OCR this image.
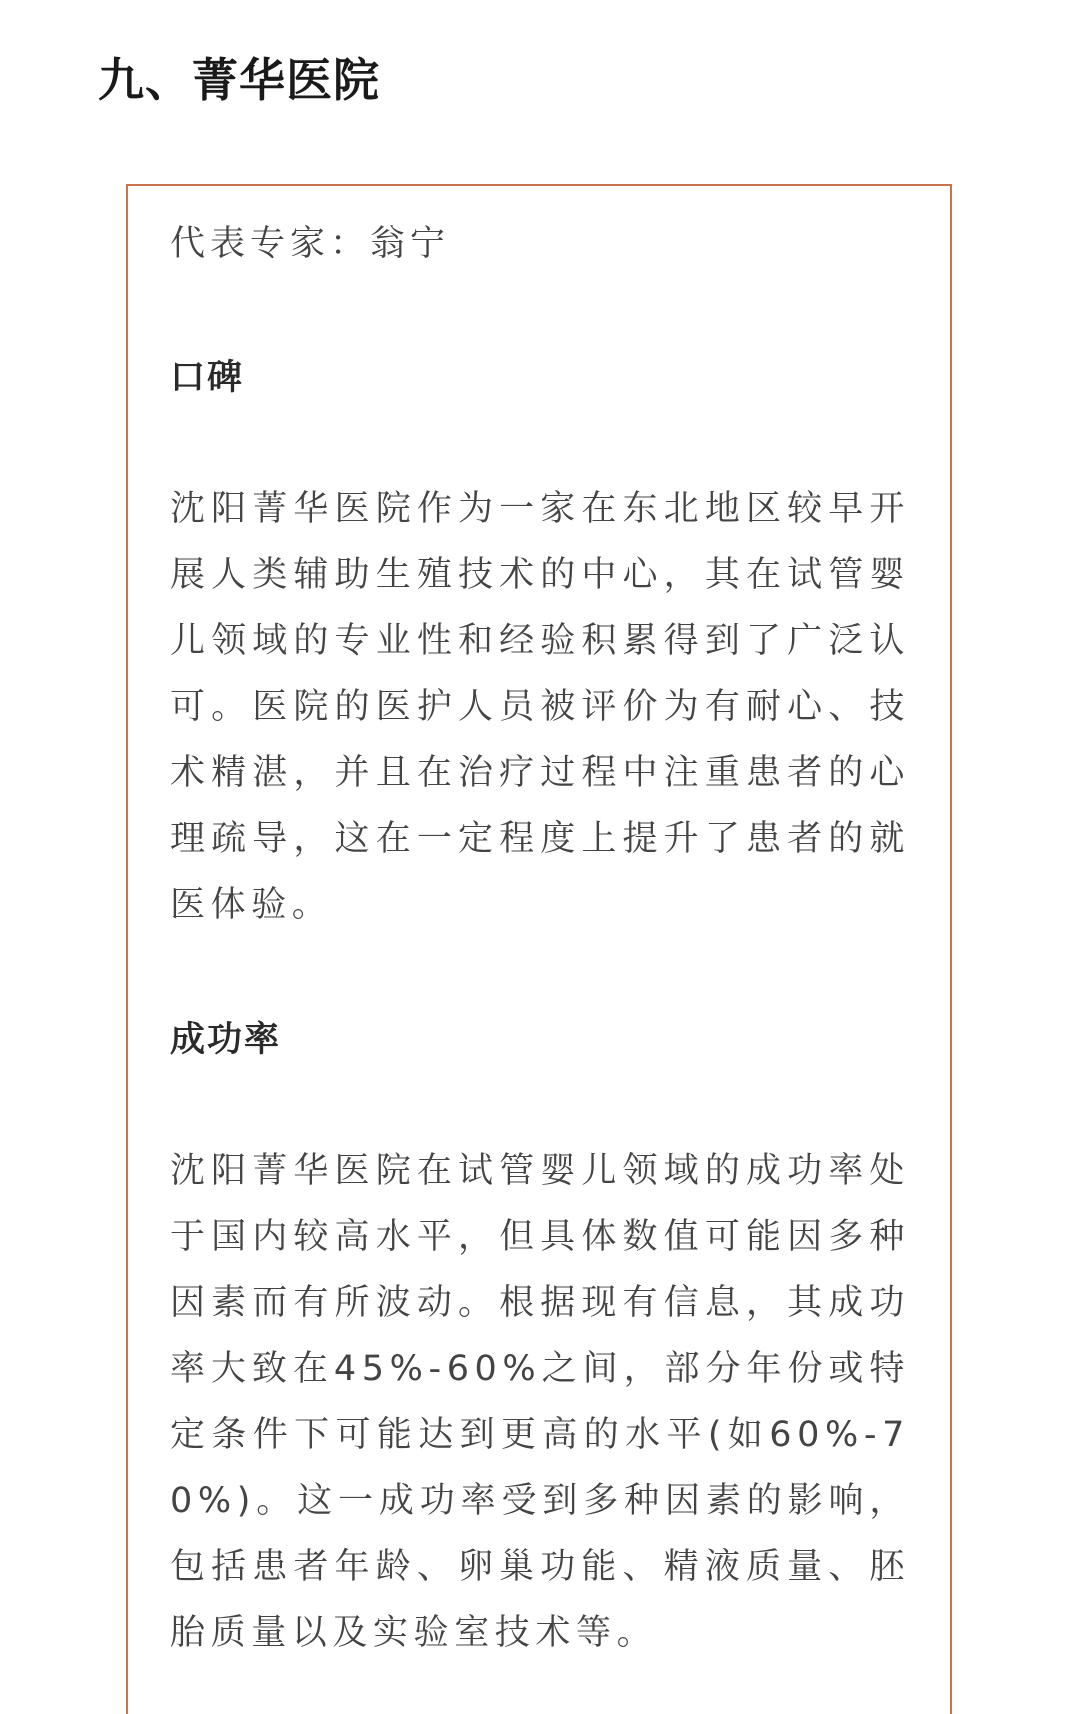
九、菁华医院

代表专家：翁宁

口碑

沈阳菁华医院作为一家在东北地区较早开展人类辅助生殖技术的中心，其在试管婴儿领域的专业性和经验积累得到了广泛认可。医院的医护人员被评价为有耐心、技术精湛，并且在治疗过程中注重患者的心理疏导，这在一定程度上提升了患者的就医体验。

成功率

沈阳菁华医院在试管婴儿领域的成功率处于国内较高水平，但具体数值可能因多种因素而有所波动。根据现有信息，其成功率大致在45%-60%之间，部分年份或特定条件下可能达到更高的水平(如60%-70%)。这一成功率受到多种因素的影响，包括患者年龄、卵巢功能、精液质量、胚胎质量以及实验室技术等。
